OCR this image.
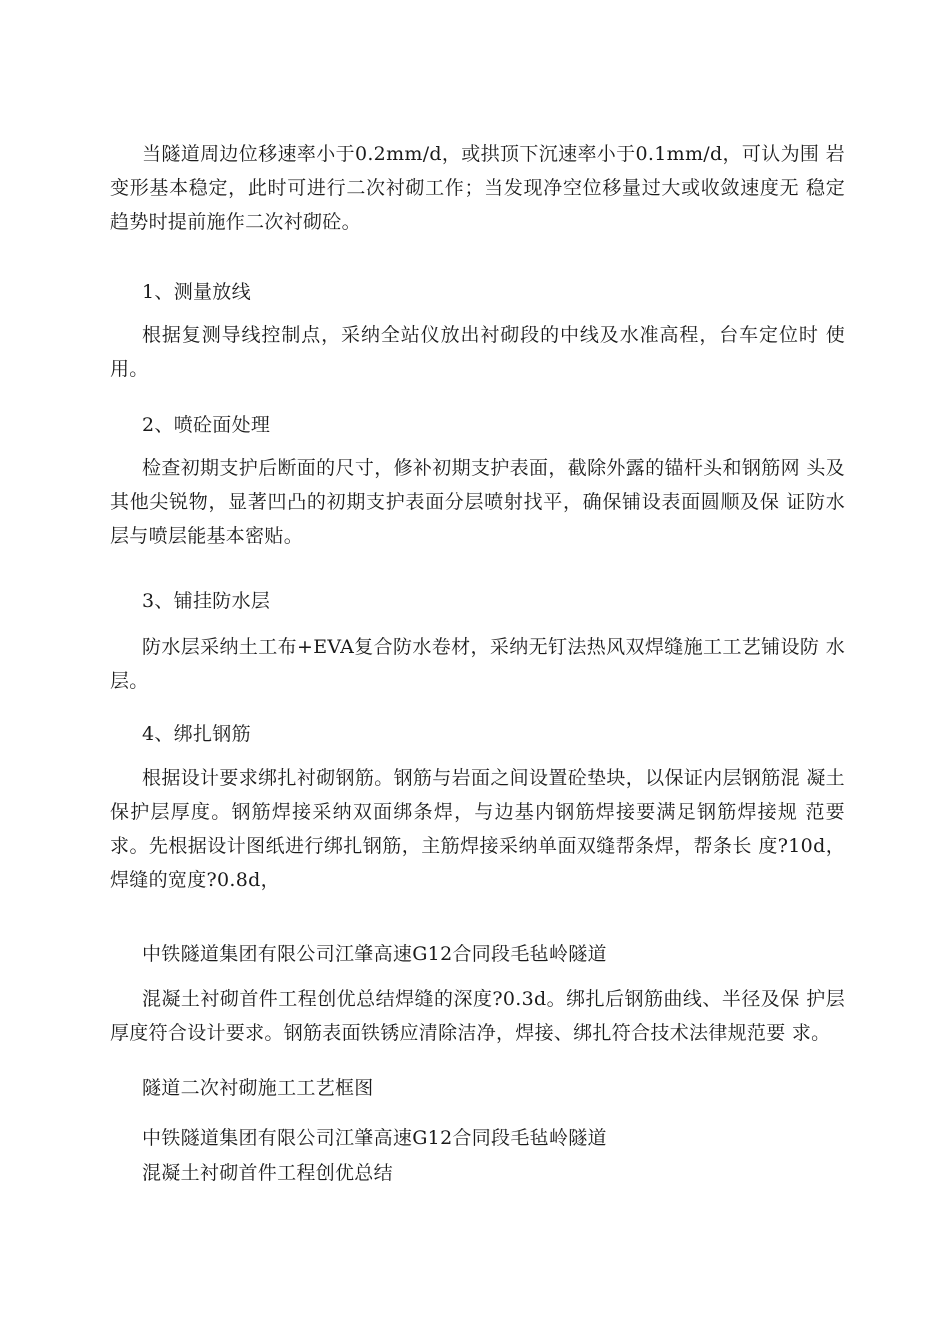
当隧道周边位移速率小于0.2mm/d，或拱顶下沉速率小于0.1mm/d，可认为围 岩变形基本稳定，此时可进行二次衬砌工作；当发现净空位移量过大或收敛速度无 稳定趋势时提前施作二次衬砌砼。

1、测量放线

根据复测导线控制点，采纳全站仪放出衬砌段的中线及水准高程，台车定位时 使用。

2、喷砼面处理

检查初期支护后断面的尺寸，修补初期支护表面，截除外露的锚杆头和钢筋网 头及其他尖锐物，显著凹凸的初期支护表面分层喷射找平，确保铺设表面圆顺及保 证防水层与喷层能基本密贴。

3、铺挂防水层

防水层采纳土工布+EVA复合防水卷材，采纳无钉法热风双焊缝施工工艺铺设防 水层。

4、绑扎钢筋

根据设计要求绑扎衬砌钢筋。钢筋与岩面之间设置砼垫块，以保证内层钢筋混 凝土保护层厚度。钢筋焊接采纳双面绑条焊，与边基内钢筋焊接要满足钢筋焊接规 范要求。先根据设计图纸进行绑扎钢筋，主筋焊接采纳单面双缝帮条焊，帮条长 度?10d，焊缝的宽度?0.8d，

中铁隧道集团有限公司江肇高速G12合同段毛毡岭隧道

混凝土衬砌首件工程创优总结焊缝的深度?0.3d。绑扎后钢筋曲线、半径及保 护层厚度符合设计要求。钢筋表面铁锈应清除洁净，焊接、绑扎符合技术法律规范要 求。

隧道二次衬砌施工工艺框图

中铁隧道集团有限公司江肇高速G12合同段毛毡岭隧道

混凝土衬砌首件工程创优总结
